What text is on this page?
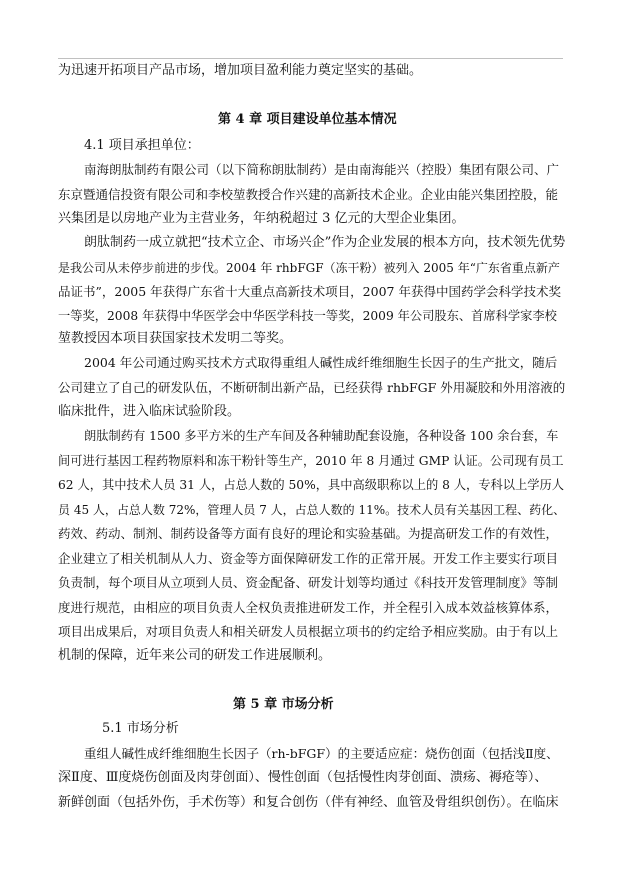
为迅速开拓项目产品市场，增加项目盈利能力奠定坚实的基础。
第 4 章 项目建设单位基本情况
4.1 项目承担单位：
南海朗肽制药有限公司（以下简称朗肽制药）是由南海能兴（控股）集团有限公司、广
东京暨通信投资有限公司和李校堃教授合作兴建的高新技术企业。企业由能兴集团控股，能
兴集团是以房地产业为主营业务，年纳税超过 3 亿元的大型企业集团。
朗肽制药一成立就把“技术立企、市场兴企”作为企业发展的根本方向，技术领先优势
是我公司从未停步前进的步伐。2004 年 rhbFGF（冻干粉）被列入 2005 年“广东省重点新产
品证书”，2005 年获得广东省十大重点高新技术项目，2007 年获得中国药学会科学技术奖
一等奖，2008 年获得中华医学会中华医学科技一等奖，2009 年公司股东、首席科学家李校
堃教授因本项目获国家技术发明二等奖。
2004 年公司通过购买技术方式取得重组人碱性成纤维细胞生长因子的生产批文，随后
公司建立了自己的研发队伍，不断研制出新产品，已经获得 rhbFGF 外用凝胶和外用溶液的
临床批件，进入临床试验阶段。
朗肽制药有 1500 多平方米的生产车间及各种辅助配套设施，各种设备 100 余台套，车
间可进行基因工程药物原料和冻干粉针等生产，2010 年 8 月通过 GMP 认证。公司现有员工
62 人，其中技术人员 31 人，占总人数的 50%，具中高级职称以上的 8 人，专科以上学历人
员 45 人，占总人数 72%，管理人员 7 人，占总人数的 11%。技术人员有关基因工程、药化、
药效、药动、制剂、制药设备等方面有良好的理论和实验基础。为提高研发工作的有效性，
企业建立了相关机制从人力、资金等方面保障研发工作的正常开展。开发工作主要实行项目
负责制，每个项目从立项到人员、资金配备、研发计划等均通过《科技开发管理制度》等制
度进行规范，由相应的项目负责人全权负责推进研发工作，并全程引入成本效益核算体系，
项目出成果后，对项目负责人和相关研发人员根据立项书的约定给予相应奖励。由于有以上
机制的保障，近年来公司的研发工作进展顺利。
第 5 章 市场分析
5.1 市场分析
重组人碱性成纤维细胞生长因子（rh-bFGF）的主要适应症：烧伤创面（包括浅Ⅱ度、
深Ⅱ度、Ⅲ度烧伤创面及肉芽创面）、慢性创面（包括慢性肉芽创面、溃疡、褥疮等）、
新鲜创面（包括外伤，手术伤等）和复合创伤（伴有神经、血管及骨组织创伤）。在临床
